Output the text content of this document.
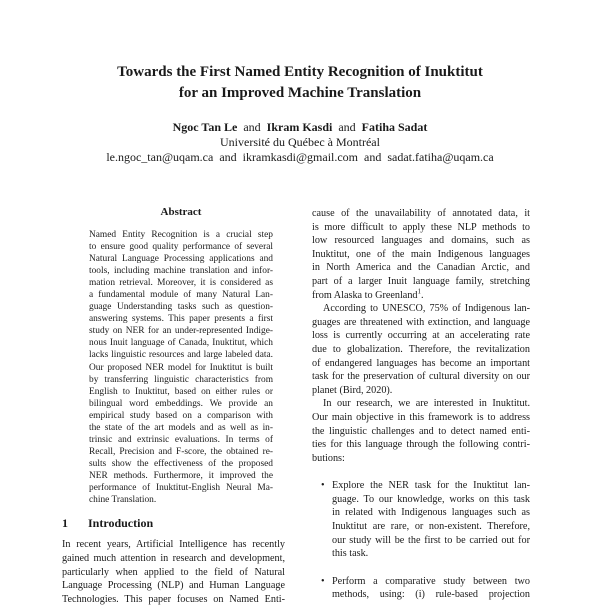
Towards the First Named Entity Recognition of Inuktitut
for an Improved Machine Translation
Ngoc Tan Le and Ikram Kasdi and Fatiha Sadat
Université du Québec à Montréal
le.ngoc_tan@uqam.ca and ikramkasdi@gmail.com and sadat.fatiha@uqam.ca
Abstract
Named Entity Recognition is a crucial step
to ensure good quality performance of several
Natural Language Processing applications and
tools, including machine translation and infor-
mation retrieval. Moreover, it is considered as
a fundamental module of many Natural Lan-
guage Understanding tasks such as question-
answering systems. This paper presents a first
study on NER for an under-represented Indige-
nous Inuit language of Canada, Inuktitut, which
lacks linguistic resources and large labeled data.
Our proposed NER model for Inuktitut is built
by transferring linguistic characteristics from
English to Inuktitut, based on either rules or
bilingual word embeddings. We provide an
empirical study based on a comparison with
the state of the art models and as well as in-
trinsic and extrinsic evaluations. In terms of
Recall, Precision and F-score, the obtained re-
sults show the effectiveness of the proposed
NER methods. Furthermore, it improved the
performance of Inuktitut-English Neural Ma-
chine Translation.
1 Introduction
In recent years, Artificial Intelligence has recently
gained much attention in research and development,
particularly when applied to the field of Natural
Language Processing (NLP) and Human Language
Technologies. This paper focuses on Named Enti-
cause of the unavailability of annotated data, it
is more difficult to apply these NLP methods to
low resourced languages and domains, such as
Inuktitut, one of the main Indigenous languages
in North America and the Canadian Arctic, and
part of a larger Inuit language family, stretching
from Alaska to Greenland$^1$.
According to UNESCO, 75% of Indigenous lan-
guages are threatened with extinction, and language
loss is currently occurring at an accelerating rate
due to globalization. Therefore, the revitalization
of endangered languages has become an important
task for the preservation of cultural diversity on our
planet (Bird, 2020).
In our research, we are interested in Inuktitut.
Our main objective in this framework is to address
the linguistic challenges and to detect named enti-
ties for this language through the following contri-
butions:
• Explore the NER task for the Inuktitut lan-
guage. To our knowledge, works on this task
in related with Indigenous languages such as
Inuktitut are rare, or non-existent. Therefore,
our study will be the first to be carried out for
this task.
• Perform a comparative study between two
methods, using: (i) rule-based projection
